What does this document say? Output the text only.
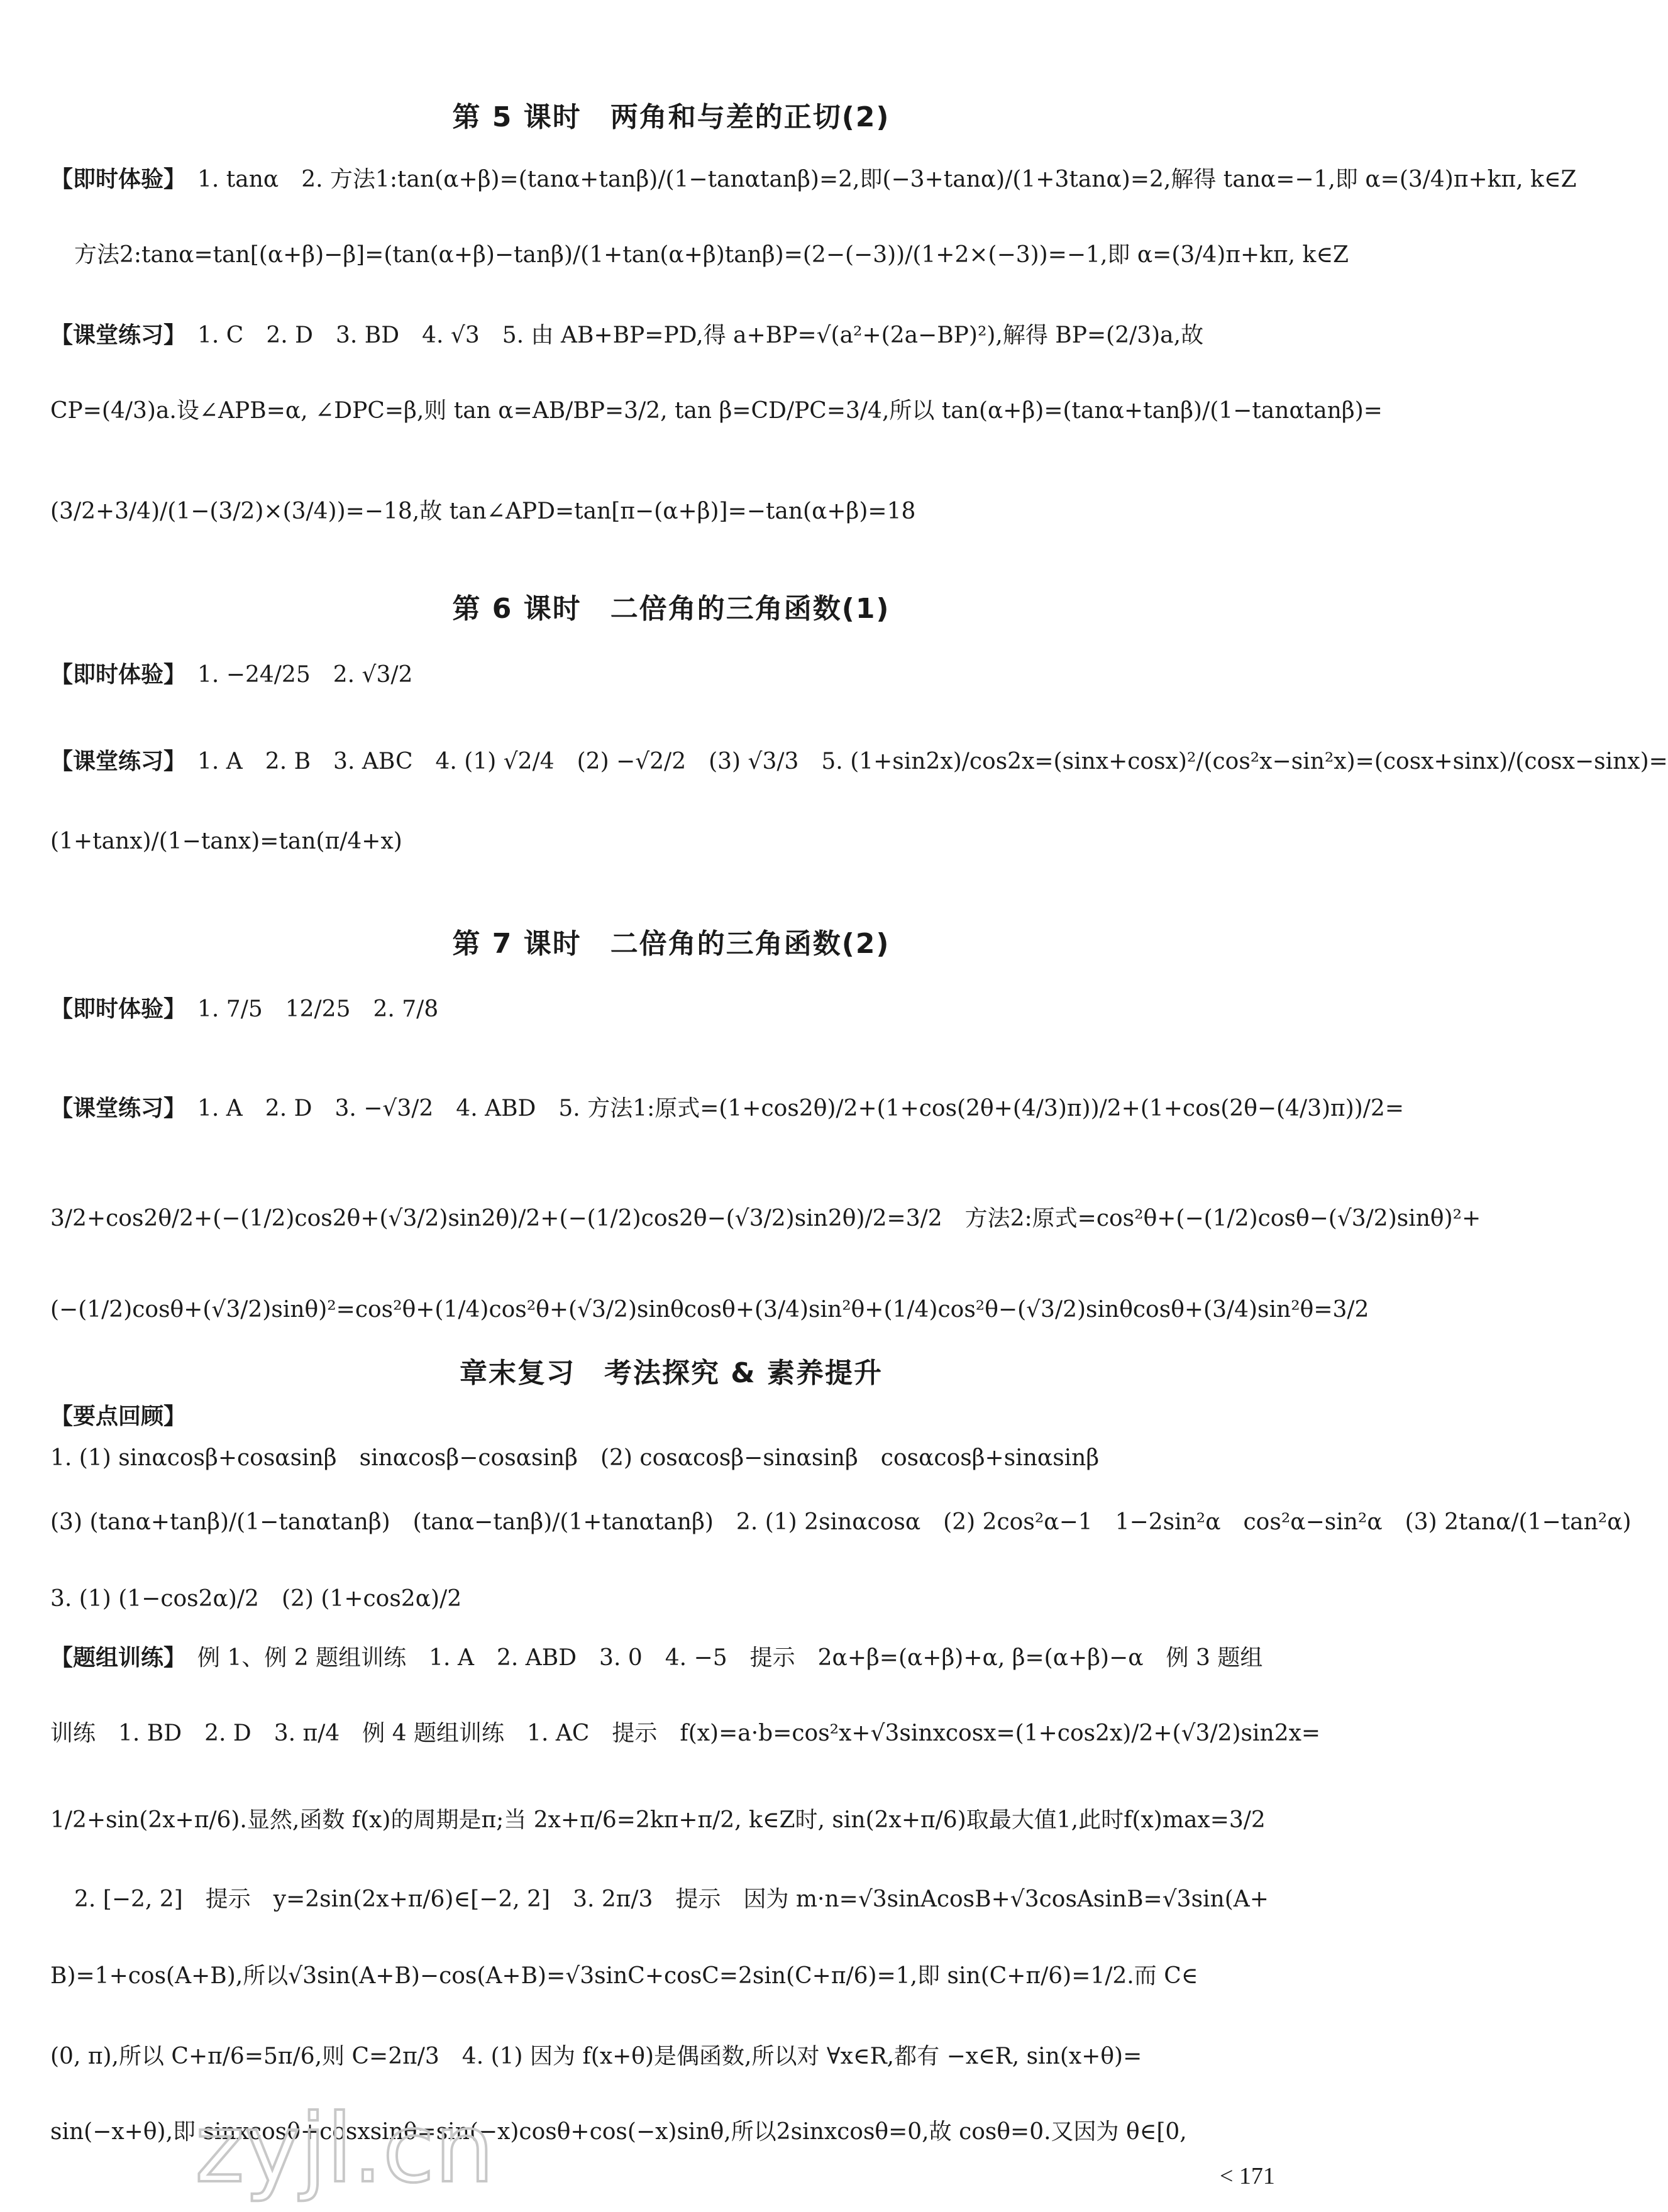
第 5 课时　两角和与差的正切(2)
【即时体验】 1. tanα　2. 方法1:tan(α+β)=(tanα+tanβ)/(1−tanαtanβ)=2,即(−3+tanα)/(1+3tanα)=2,解得 tanα=−1,即 α=(3/4)π+kπ, k∈Z
方法2:tanα=tan[(α+β)−β]=(tan(α+β)−tanβ)/(1+tan(α+β)tanβ)=(2−(−3))/(1+2×(−3))=−1,即 α=(3/4)π+kπ, k∈Z
【课堂练习】 1. C　2. D　3. BD　4. √3　5. 由 AB+BP=PD,得 a+BP=√(a²+(2a−BP)²),解得 BP=(2/3)a,故
CP=(4/3)a.设∠APB=α, ∠DPC=β,则 tan α=AB/BP=3/2, tan β=CD/PC=3/4,所以 tan(α+β)=(tanα+tanβ)/(1−tanαtanβ)=
(3/2+3/4)/(1−(3/2)×(3/4))=−18,故 tan∠APD=tan[π−(α+β)]=−tan(α+β)=18
第 6 课时　二倍角的三角函数(1)
【即时体验】 1. −24/25　2. √3/2
【课堂练习】 1. A　2. B　3. ABC　4. (1) √2/4　(2) −√2/2　(3) √3/3　5. (1+sin2x)/cos2x=(sinx+cosx)²/(cos²x−sin²x)=(cosx+sinx)/(cosx−sinx)=
(1+tanx)/(1−tanx)=tan(π/4+x)
第 7 课时　二倍角的三角函数(2)
【即时体验】 1. 7/5　12/25　2. 7/8
【课堂练习】 1. A　2. D　3. −√3/2　4. ABD　5. 方法1:原式=(1+cos2θ)/2+(1+cos(2θ+(4/3)π))/2+(1+cos(2θ−(4/3)π))/2=
3/2+cos2θ/2+(−(1/2)cos2θ+(√3/2)sin2θ)/2+(−(1/2)cos2θ−(√3/2)sin2θ)/2=3/2　方法2:原式=cos²θ+(−(1/2)cosθ−(√3/2)sinθ)²+
(−(1/2)cosθ+(√3/2)sinθ)²=cos²θ+(1/4)cos²θ+(√3/2)sinθcosθ+(3/4)sin²θ+(1/4)cos²θ−(√3/2)sinθcosθ+(3/4)sin²θ=3/2
章末复习　考法探究 & 素养提升
【要点回顾】
1. (1) sinαcosβ+cosαsinβ　sinαcosβ−cosαsinβ　(2) cosαcosβ−sinαsinβ　cosαcosβ+sinαsinβ
(3) (tanα+tanβ)/(1−tanαtanβ)　(tanα−tanβ)/(1+tanαtanβ)　2. (1) 2sinαcosα　(2) 2cos²α−1　1−2sin²α　cos²α−sin²α　(3) 2tanα/(1−tan²α)
3. (1) (1−cos2α)/2　(2) (1+cos2α)/2
【题组训练】 例 1、例 2 题组训练　1. A　2. ABD　3. 0　4. −5　提示　2α+β=(α+β)+α, β=(α+β)−α　例 3 题组
训练　1. BD　2. D　3. π/4　例 4 题组训练　1. AC　提示　f(x)=a·b=cos²x+√3sinxcosx=(1+cos2x)/2+(√3/2)sin2x=
1/2+sin(2x+π/6).显然,函数 f(x)的周期是π;当 2x+π/6=2kπ+π/2, k∈Z时, sin(2x+π/6)取最大值1,此时f(x)max=3/2
2. [−2, 2]　提示　y=2sin(2x+π/6)∈[−2, 2]　3. 2π/3　提示　因为 m·n=√3sinAcosB+√3cosAsinB=√3sin(A+
B)=1+cos(A+B),所以√3sin(A+B)−cos(A+B)=√3sinC+cosC=2sin(C+π/6)=1,即 sin(C+π/6)=1/2.而 C∈
(0, π),所以 C+π/6=5π/6,则 C=2π/3　4. (1) 因为 f(x+θ)是偶函数,所以对 ∀x∈R,都有 −x∈R, sin(x+θ)=
sin(−x+θ),即 sinxcosθ+cosxsinθ=sin(−x)cosθ+cos(−x)sinθ,所以2sinxcosθ=0,故 cosθ=0.又因为 θ∈[0,
zyjl.cn	< 171
